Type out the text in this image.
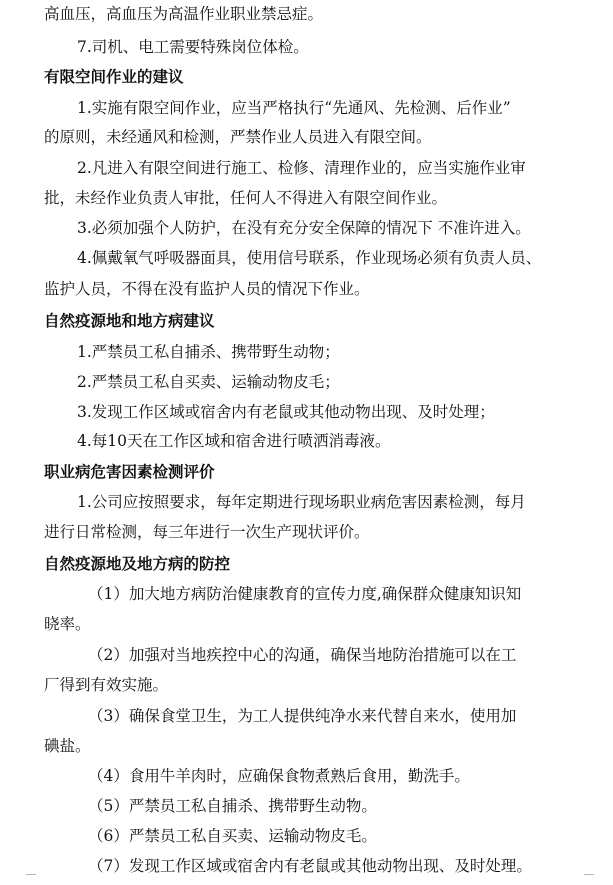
高血压，高血压为高温作业职业禁忌症。
7.司机、电工需要特殊岗位体检。
有限空间作业的建议
1.实施有限空间作业，应当严格执行“先通风、先检测、后作业”
的原则，未经通风和检测，严禁作业人员进入有限空间。
2.凡进入有限空间进行施工、检修、清理作业的，应当实施作业审
批，未经作业负责人审批，任何人不得进入有限空间作业。
3.必须加强个人防护，在没有充分安全保障的情况下 不准许进入。
4.佩戴氧气呼吸器面具，使用信号联系，作业现场必须有负责人员、
监护人员，不得在没有监护人员的情况下作业。
自然疫源地和地方病建议
1.严禁员工私自捕杀、携带野生动物；
2.严禁员工私自买卖、运输动物皮毛；
3.发现工作区域或宿舍内有老鼠或其他动物出现、及时处理；
4.每10天在工作区域和宿舍进行喷洒消毒液。
职业病危害因素检测评价
1.公司应按照要求，每年定期进行现场职业病危害因素检测，每月
进行日常检测，每三年进行一次生产现状评价。
自然疫源地及地方病的防控
（1）加大地方病防治健康教育的宣传力度,确保群众健康知识知
晓率。
（2）加强对当地疾控中心的沟通，确保当地防治措施可以在工
厂得到有效实施。
（3）确保食堂卫生，为工人提供纯净水来代替自来水，使用加
碘盐。
（4）食用牛羊肉时，应确保食物煮熟后食用，勤洗手。
（5）严禁员工私自捕杀、携带野生动物。
（6）严禁员工私自买卖、运输动物皮毛。
（7）发现工作区域或宿舍内有老鼠或其他动物出现、及时处理。
